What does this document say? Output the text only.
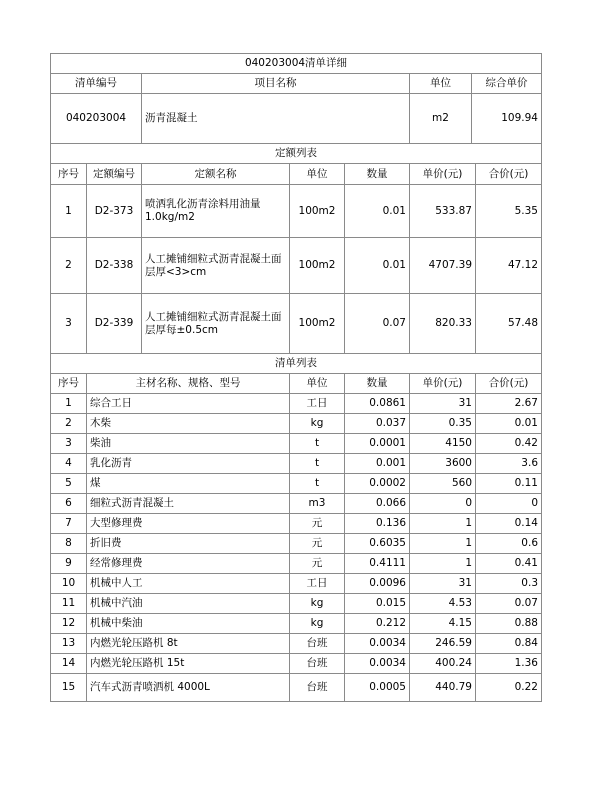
040203004清单详细			
清单编号	项目名称	单位	综合单价
040203004	沥青混凝土	m2	109.94
定额列表						
序号	定额编号	定额名称	单位	数量	单价(元)	合价(元)
1	D2-373	喷洒乳化沥青涂料用油量1.0kg/m2	100m2	0.01	533.87	5.35
2	D2-338	人工摊铺细粒式沥青混凝土面层厚<3>cm	100m2	0.01	4707.39	47.12
3	D2-339	人工摊铺细粒式沥青混凝土面层厚每±0.5cm	100m2	0.07	820.33	57.48
清单列表						
序号	主材名称、规格、型号		单位	数量	单价(元)	合价(元)
1	综合工日		工日	0.0861	31	2.67
2	木柴		kg	0.037	0.35	0.01
3	柴油		t	0.0001	4150	0.42
4	乳化沥青		t	0.001	3600	3.6
5	煤		t	0.0002	560	0.11
6	细粒式沥青混凝土		m3	0.066	0	0
7	大型修理费		元	0.136	1	0.14
8	折旧费		元	0.6035	1	0.6
9	经常修理费		元	0.4111	1	0.41
10	机械中人工		工日	0.0096	31	0.3
11	机械中汽油		kg	0.015	4.53	0.07
12	机械中柴油		kg	0.212	4.15	0.88
13	内燃光轮压路机 8t		台班	0.0034	246.59	0.84
14	内燃光轮压路机 15t		台班	0.0034	400.24	1.36
15	汽车式沥青喷洒机 4000L		台班	0.0005	440.79	0.22
